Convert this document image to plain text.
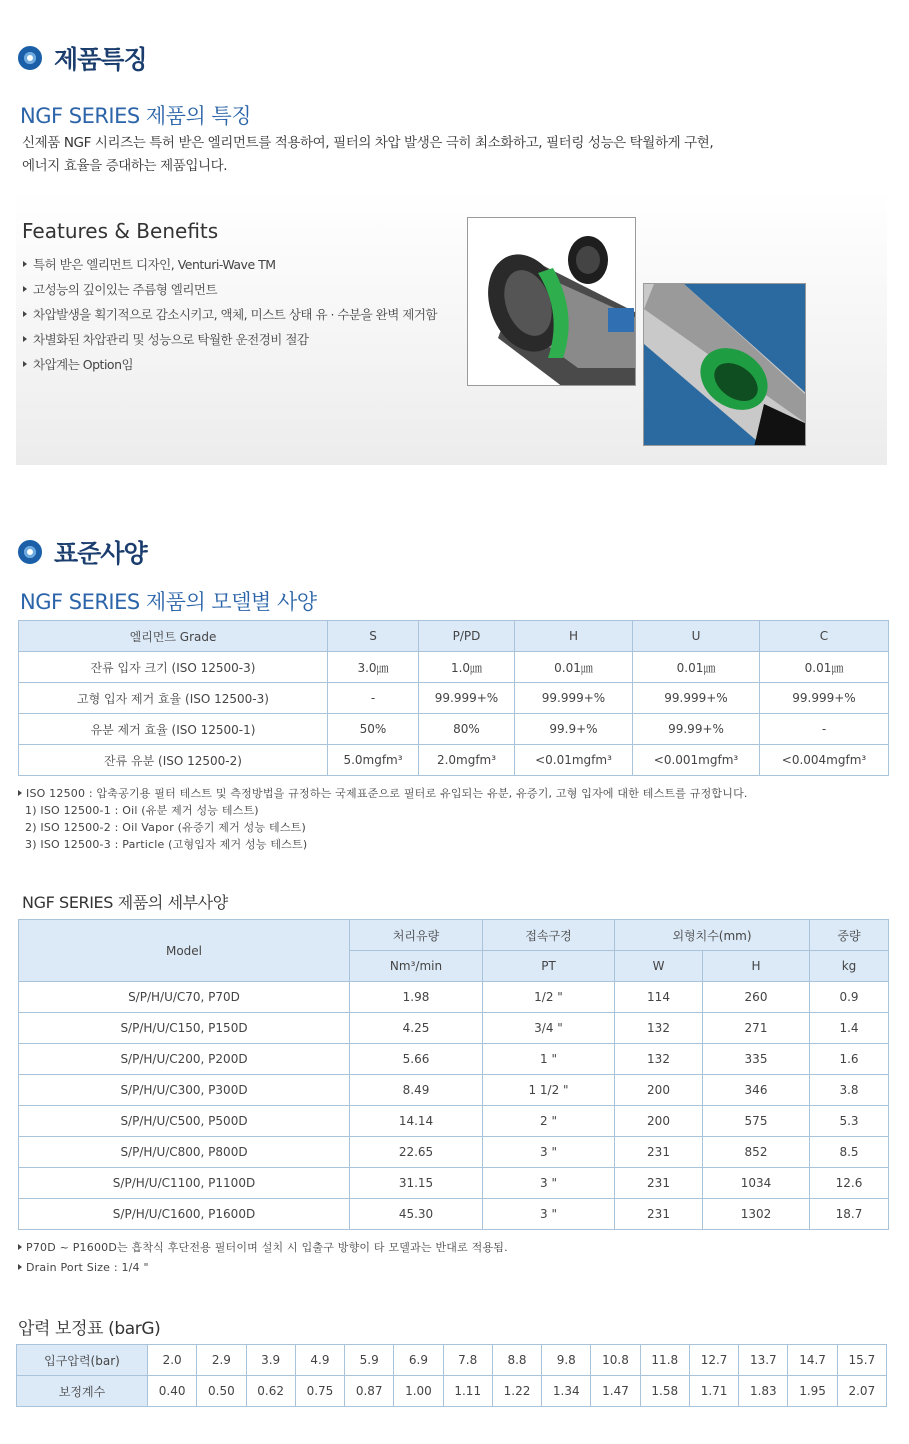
제품특징
NGF SERIES 제품의 특징
신제품 NGF 시리즈는 특허 받은 엘리먼트를 적용하여, 필터의 차압 발생은 극히 최소화하고, 필터링 성능은 탁월하게 구현,
에너지 효율을 증대하는 제품입니다.
Features & Benefits
특허 받은 엘리먼트 디자인, Venturi-Wave TM
고성능의 깊이있는 주름형 엘리먼트
차압발생을 획기적으로 감소시키고, 액체, 미스트 상태 유 · 수분을 완벽 제거함
차별화된 차압관리 및 성능으로 탁월한 운전경비 절감
차압계는 Option임
표준사양
NGF SERIES 제품의 모델별 사양
엘리먼트 Grade	S	P/PD	H	U	C
잔류 입자 크기 (ISO 12500-3)	3.0㎛	1.0㎛	0.01㎛	0.01㎛	0.01㎛
고형 입자 제거 효율 (ISO 12500-3)	-	99.999+%	99.999+%	99.999+%	99.999+%
유분 제거 효율 (ISO 12500-1)	50%	80%	99.9+%	99.99+%	-
잔류 유분 (ISO 12500-2)	5.0mgfm³	2.0mgfm³	<0.01mgfm³	<0.001mgfm³	<0.004mgfm³
ISO 12500 : 압축공기용 필터 테스트 및 측정방법을 규정하는 국제표준으로 필터로 유입되는 유분, 유증기, 고형 입자에 대한 테스트를 규정합니다.
1) ISO 12500-1 : Oil (유분 제거 성능 테스트)
2) ISO 12500-2 : Oil Vapor (유증기 제거 성능 테스트)
3) ISO 12500-3 : Particle (고형입자 제거 성능 테스트)
NGF SERIES 제품의 세부사양
Model	처리유량	접속구경	외형치수(mm)		중량
	Nm³/min	PT	W	H	kg
S/P/H/U/C70, P70D	1.98	1/2 "	114	260	0.9
S/P/H/U/C150, P150D	4.25	3/4 "	132	271	1.4
S/P/H/U/C200, P200D	5.66	1 "	132	335	1.6
S/P/H/U/C300, P300D	8.49	1 1/2 "	200	346	3.8
S/P/H/U/C500, P500D	14.14	2 "	200	575	5.3
S/P/H/U/C800, P800D	22.65	3 "	231	852	8.5
S/P/H/U/C1100, P1100D	31.15	3 "	231	1034	12.6
S/P/H/U/C1600, P1600D	45.30	3 "	231	1302	18.7
P70D ~ P1600D는 흡착식 후단전용 필터이며 설치 시 입출구 방향이 타 모델과는 반대로 적용됨.
Drain Port Size : 1/4 "
압력 보정표 (barG)
입구압력(bar)	2.0	2.9	3.9	4.9	5.9	6.9	7.8	8.8	9.8	10.8	11.8	12.7	13.7	14.7	15.7
보정계수	0.40	0.50	0.62	0.75	0.87	1.00	1.11	1.22	1.34	1.47	1.58	1.71	1.83	1.95	2.07
